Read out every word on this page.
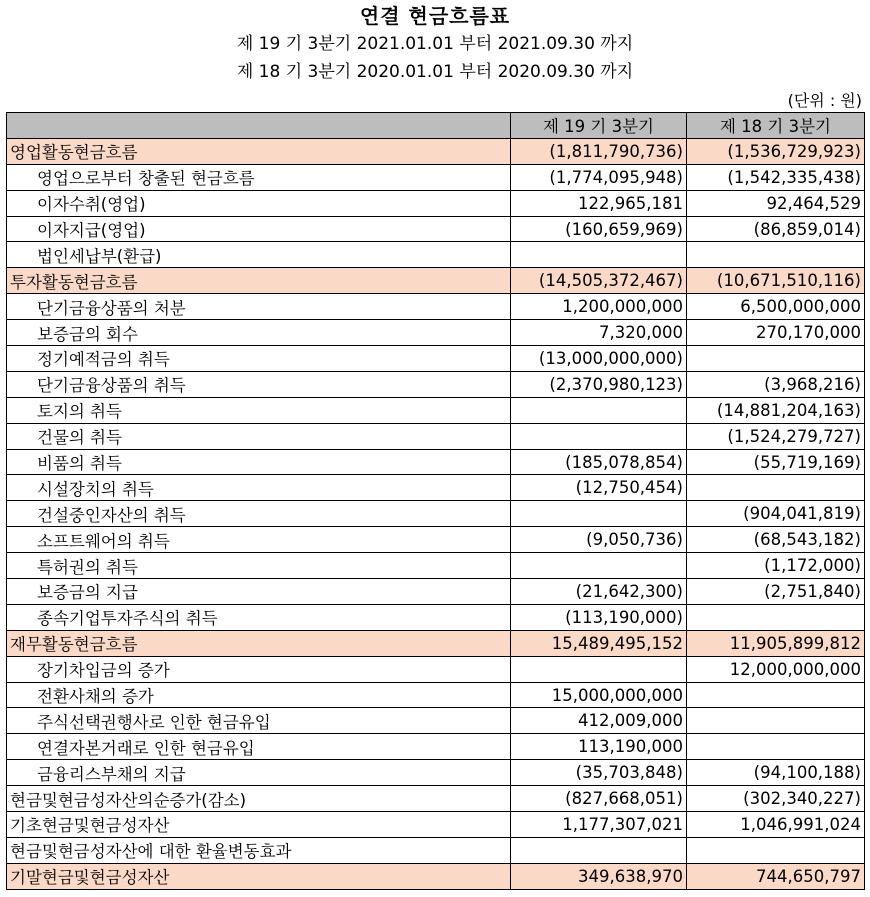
연결 현금흐름표
제 19 기 3분기 2021.01.01 부터 2021.09.30 까지
제 18 기 3분기 2020.01.01 부터 2020.09.30 까지
(단위 : 원)
	제 19 기 3분기	제 18 기 3분기
영업활동현금흐름	(1,811,790,736)	(1,536,729,923)
영업으로부터 창출된 현금흐름	(1,774,095,948)	(1,542,335,438)
이자수취(영업)	122,965,181	92,464,529
이자지급(영업)	(160,659,969)	(86,859,014)
법인세납부(환급)		
투자활동현금흐름	(14,505,372,467)	(10,671,510,116)
단기금융상품의 처분	1,200,000,000	6,500,000,000
보증금의 회수	7,320,000	270,170,000
정기예적금의 취득	(13,000,000,000)	
단기금융상품의 취득	(2,370,980,123)	(3,968,216)
토지의 취득		(14,881,204,163)
건물의 취득		(1,524,279,727)
비품의 취득	(185,078,854)	(55,719,169)
시설장치의 취득	(12,750,454)	
건설중인자산의 취득		(904,041,819)
소프트웨어의 취득	(9,050,736)	(68,543,182)
특허권의 취득		(1,172,000)
보증금의 지급	(21,642,300)	(2,751,840)
종속기업투자주식의 취득	(113,190,000)	
재무활동현금흐름	15,489,495,152	11,905,899,812
장기차입금의 증가		12,000,000,000
전환사채의 증가	15,000,000,000	
주식선택권행사로 인한 현금유입	412,009,000	
연결자본거래로 인한 현금유입	113,190,000	
금융리스부채의 지급	(35,703,848)	(94,100,188)
현금및현금성자산의순증가(감소)	(827,668,051)	(302,340,227)
기초현금및현금성자산	1,177,307,021	1,046,991,024
현금및현금성자산에 대한 환율변동효과		
기말현금및현금성자산	349,638,970	744,650,797
